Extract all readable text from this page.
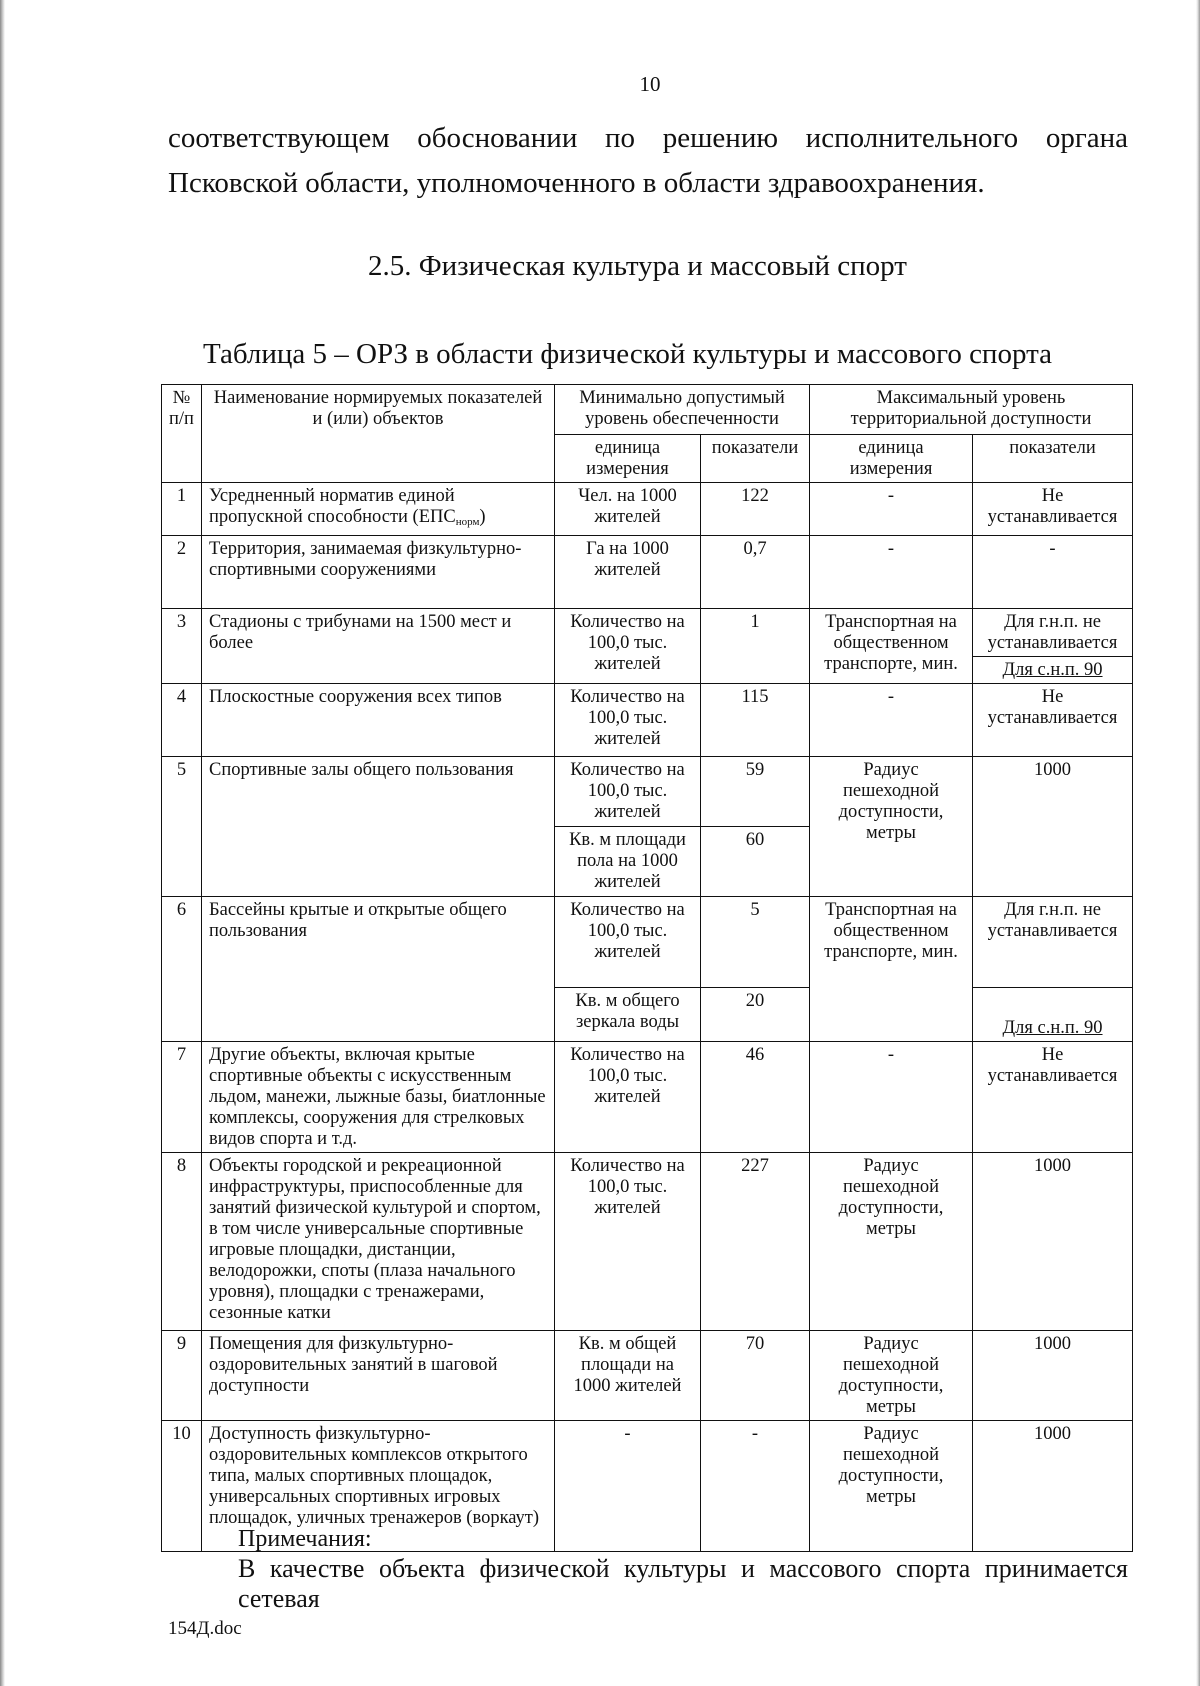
10
соответствующем обосновании по решению исполнительного органа Псковской области, уполномоченного в области здравоохранения.
2.5. Физическая культура и массовый спорт
Таблица 5 – ОРЗ в области физической культуры и массового спорта
№ п/п	Наименование нормируемых показателей и (или) объектов	Минимально допустимый уровень обеспеченности		Максимальный уровень территориальной доступности	
		единица измерения	показатели	единица измерения	показатели
1	Усредненный норматив единой пропускной способности $(ЕПС_{норм})$	Чел. на 1000 жителей	122	-	Не устанавливается
2	Территория, занимаемая физкультурно-спортивными сооружениями	Га на 1000 жителей	0,7	-	-
3	Стадионы с трибунами на 1500 мест и более	Количество на 100,0 тыс. жителей	1	Транспортная на общественном транспорте, мин.	Для г.н.п. не устанавливается
					Для с.н.п. 90
4	Плоскостные сооружения всех типов	Количество на 100,0 тыс. жителей	115	-	Не устанавливается
5	Спортивные залы общего пользования	Количество на 100,0 тыс. жителей	59	Радиус пешеходной доступности, метры	1000
		Кв. м площади пола на 1000 жителей	60		
6	Бассейны крытые и открытые общего пользования	Количество на 100,0 тыс. жителей	5	Транспортная на общественном транспорте, мин.	Для г.н.п. не устанавливается
		Кв. м общего зеркала воды	20		Для с.н.п. 90
7	Другие объекты, включая крытые спортивные объекты с искусственным льдом, манежи, лыжные базы, биатлонные комплексы, сооружения для стрелковых видов спорта и т.д.	Количество на 100,0 тыс. жителей	46	-	Не устанавливается
8	Объекты городской и рекреационной инфраструктуры, приспособленные для занятий физической культурой и спортом, в том числе универсальные спортивные игровые площадки, дистанции, велодорожки, споты (плаза начального уровня), площадки с тренажерами, сезонные катки	Количество на 100,0 тыс. жителей	227	Радиус пешеходной доступности, метры	1000
9	Помещения для физкультурно-оздоровительных занятий в шаговой доступности	Кв. м общей площади на 1000 жителей	70	Радиус пешеходной доступности, метры	1000
10	Доступность физкультурно-оздоровительных комплексов открытого типа, малых спортивных площадок, универсальных спортивных игровых площадок, уличных тренажеров (воркаут)	-	-	Радиус пешеходной доступности, метры	1000
Примечания:
В качестве объекта физической культуры и массового спорта принимается сетевая
154Д.doc
